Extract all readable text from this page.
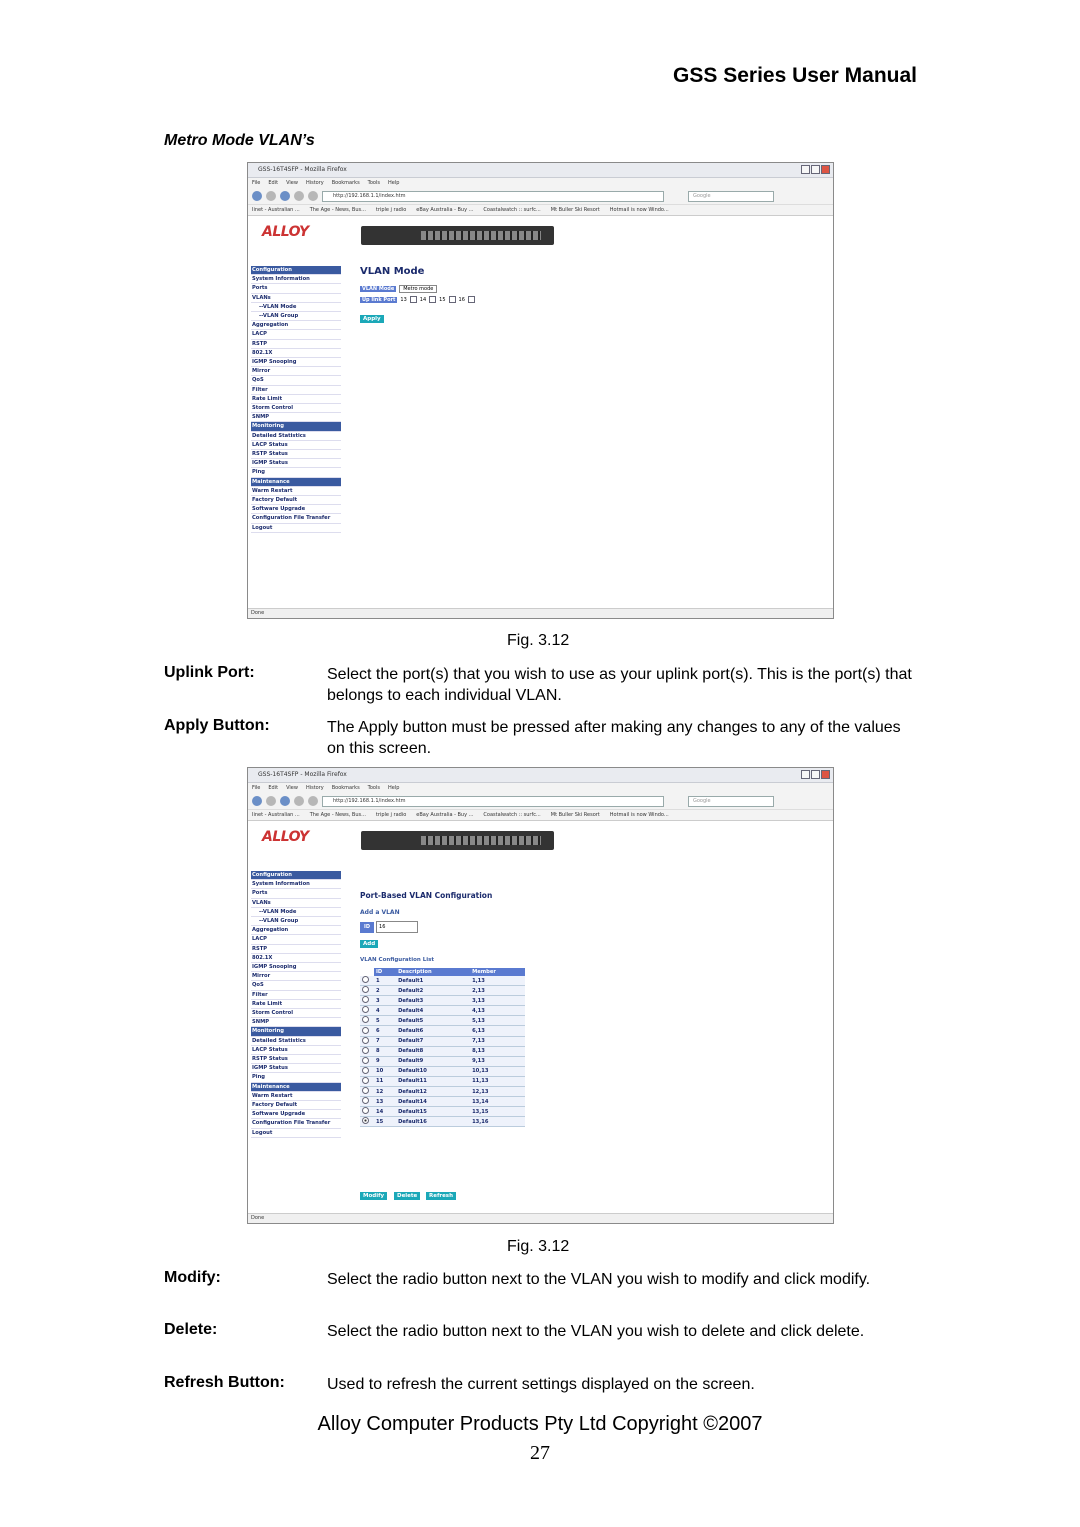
GSS Series User Manual
Metro Mode VLAN’s
GSS-16T4SFP - Mozilla Firefox
File Edit View History Bookmarks Tools Help
http://192.168.1.1/index.htm	Google
Iinet - Australian ... The Age - News, Bus... triple j radio eBay Australia - Buy ... Coastalwatch :: surfc... Mt Buller Ski Resort Hotmail is now Windo...
ALLOY
Configuration
System Information
Ports
VLANs
--VLAN Mode
--VLAN Group
Aggregation
LACP
RSTP
802.1X
IGMP Snooping
Mirror
QoS
Filter
Rate Limit
Storm Control
SNMP
Monitoring
Detailed Statistics
LACP Status
RSTP Status
IGMP Status
Ping
Maintenance
Warm Restart
Factory Default
Software Upgrade
Configuration File Transfer
Logout
VLAN Mode
VLAN Mode	Metro mode
Up link Port	13	14	15	16
Apply
Done
Fig. 3.12
Uplink Port:	Select the port(s) that you wish to use as your uplink port(s). This is the port(s) that belongs to each individual VLAN.
Apply Button:	The Apply button must be pressed after making any changes to any of the values on this screen.
GSS-16T4SFP - Mozilla Firefox
File Edit View History Bookmarks Tools Help
http://192.168.1.1/index.htm	Google
Iinet - Australian ... The Age - News, Bus... triple j radio eBay Australia - Buy ... Coastalwatch :: surfc... Mt Buller Ski Resort Hotmail is now Windo...
ALLOY
Configuration
System Information
Ports
VLANs
--VLAN Mode
--VLAN Group
Aggregation
LACP
RSTP
802.1X
IGMP Snooping
Mirror
QoS
Filter
Rate Limit
Storm Control
SNMP
Monitoring
Detailed Statistics
LACP Status
RSTP Status
IGMP Status
Ping
Maintenance
Warm Restart
Factory Default
Software Upgrade
Configuration File Transfer
Logout
Port-Based VLAN Configuration
Add a VLAN
ID	16
Add
VLAN Configuration List
	ID	Description	Member
	1	Default1	1,13
	2	Default2	2,13
	3	Default3	3,13
	4	Default4	4,13
	5	Default5	5,13
	6	Default6	6,13
	7	Default7	7,13
	8	Default8	8,13
	9	Default9	9,13
	10	Default10	10,13
	11	Default11	11,13
	12	Default12	12,13
	13	Default14	13,14
	14	Default15	13,15
	15	Default16	13,16
Modify	Delete	Refresh
Done
Fig. 3.12
Modify:	Select the radio button next to the VLAN you wish to modify and click modify.
Delete:	Select the radio button next to the VLAN you wish to delete and click delete.
Refresh Button:	Used to refresh the current settings displayed on the screen.
Alloy Computer Products Pty Ltd Copyright ©2007
27
